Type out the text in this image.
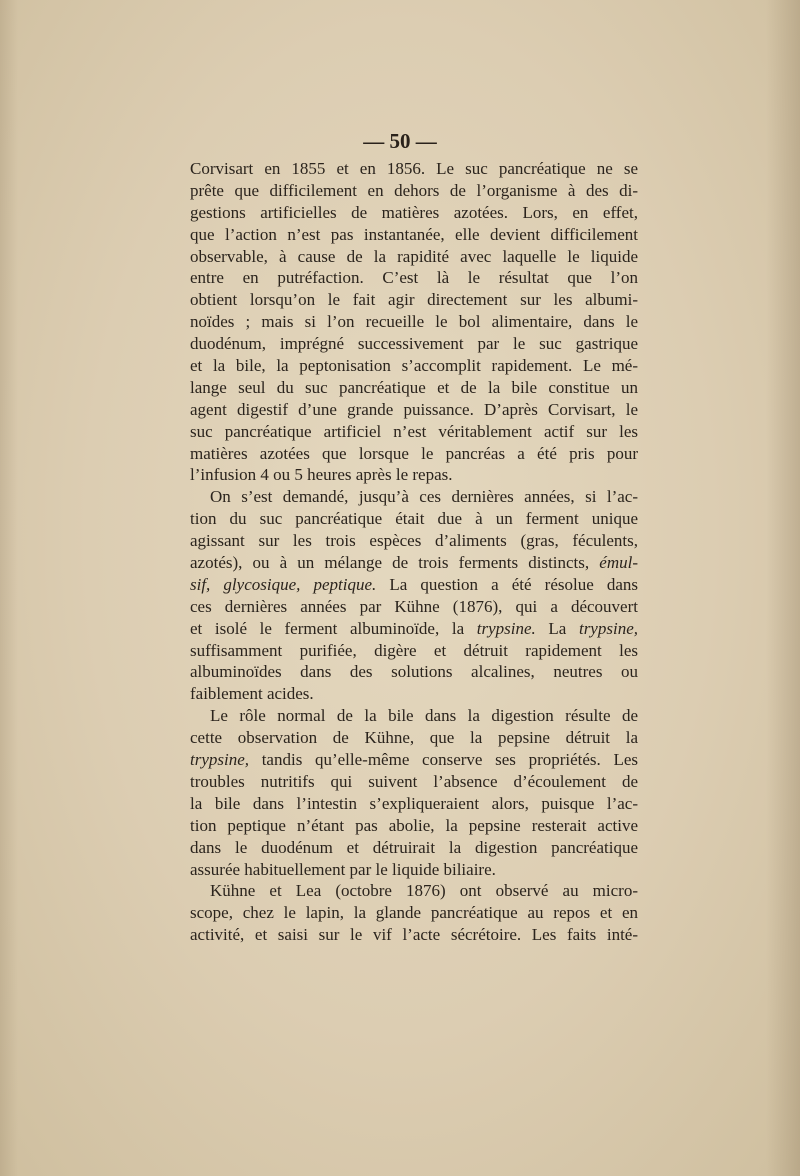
— 50 —
Corvisart en 1855 et en 1856. Le suc pancréatique ne se
prête que difficilement en dehors de l’organisme à des di-
gestions artificielles de matières azotées. Lors, en effet,
que l’action n’est pas instantanée, elle devient difficilement
observable, à cause de la rapidité avec laquelle le liquide
entre en putréfaction. C’est là le résultat que l’on
obtient lorsqu’on le fait agir directement sur les albumi-
noïdes ; mais si l’on recueille le bol alimentaire, dans le
duodénum, imprégné successivement par le suc gastrique
et la bile, la peptonisation s’accomplit rapidement. Le mé-
lange seul du suc pancréatique et de la bile constitue un
agent digestif d’une grande puissance. D’après Corvisart, le
suc pancréatique artificiel n’est véritablement actif sur les
matières azotées que lorsque le pancréas a été pris pour
l’infusion 4 ou 5 heures après le repas.
On s’est demandé, jusqu’à ces dernières années, si l’ac-
tion du suc pancréatique était due à un ferment unique
agissant sur les trois espèces d’aliments (gras, féculents,
azotés), ou à un mélange de trois ferments distincts, émul-
sif, glycosique, peptique. La question a été résolue dans
ces dernières années par Kühne (1876), qui a découvert
et isolé le ferment albuminoïde, la trypsine. La trypsine,
suffisamment purifiée, digère et détruit rapidement les
albuminoïdes dans des solutions alcalines, neutres ou
faiblement acides.
Le rôle normal de la bile dans la digestion résulte de
cette observation de Kühne, que la pepsine détruit la
trypsine, tandis qu’elle-même conserve ses propriétés. Les
troubles nutritifs qui suivent l’absence d’écoulement de
la bile dans l’intestin s’expliqueraient alors, puisque l’ac-
tion peptique n’étant pas abolie, la pepsine resterait active
dans le duodénum et détruirait la digestion pancréatique
assurée habituellement par le liquide biliaire.
Kühne et Lea (octobre 1876) ont observé au micro-
scope, chez le lapin, la glande pancréatique au repos et en
activité, et saisi sur le vif l’acte sécrétoire. Les faits inté-
